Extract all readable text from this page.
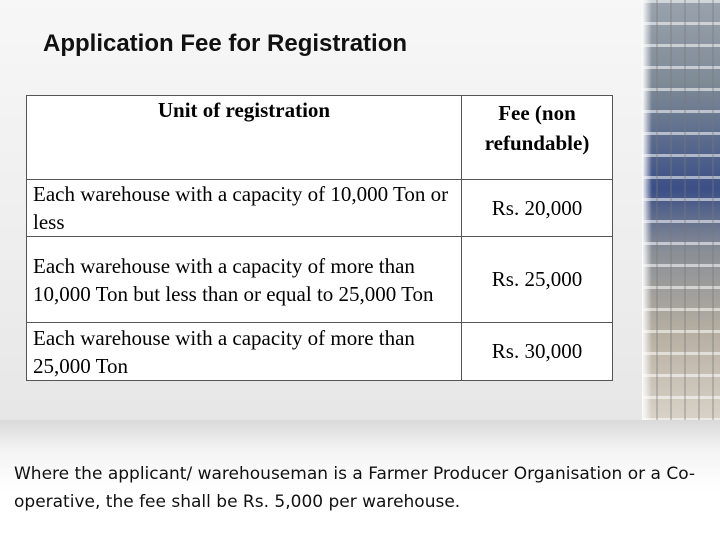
Application Fee for Registration
Unit of registration	Fee (non
refundable)
Each warehouse with a capacity of 10,000 Ton or less	Rs. 20,000
Each warehouse with a capacity of more than 10,000 Ton but less than or equal to 25,000 Ton	Rs. 25,000
Each warehouse with a capacity of more than 25,000 Ton	Rs. 30,000

Where the applicant/ warehouseman is a Farmer Producer Organisation or a Co-operative, the fee shall be Rs. 5,000 per warehouse.
